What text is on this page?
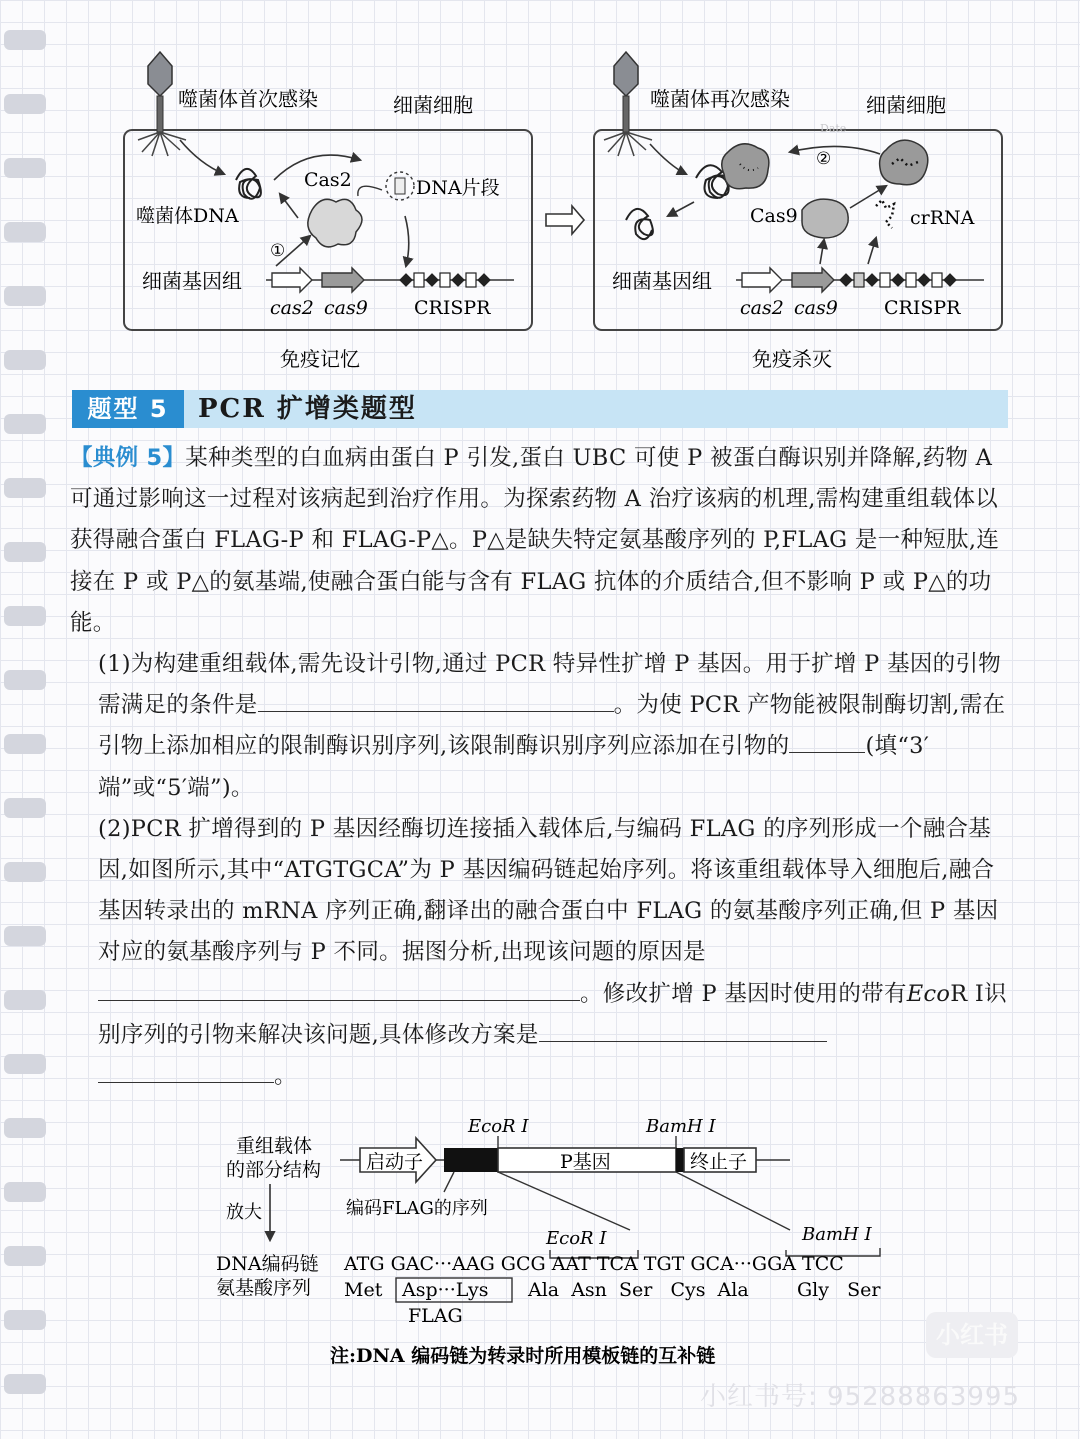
噬菌体首次感染	细菌细胞
噬菌体DNA
Cas2	DNA片段
①
细菌基因组
cas2 cas9 CRISPR
免疫记忆
噬菌体再次感染	细菌细胞
Date
②
Cas9	crRNA
细菌基因组
cas2 cas9 CRISPR
免疫杀灭
题型 5	PCR 扩增类题型

【典例 5】某种类型的白血病由蛋白 P 引发,蛋白 UBC 可使 P 被蛋白酶识别并降解,药物 A 可通过影响这一过程对该病起到治疗作用。为探索药物 A 治疗该病的机理,需构建重组载体以获得融合蛋白 FLAG-P 和 FLAG-P△。P△是缺失特定氨基酸序列的 P,FLAG 是一种短肽,连接在 P 或 P△的氨基端,使融合蛋白能与含有 FLAG 抗体的介质结合,但不影响 P 或 P△的功能。

(1)为构建重组载体,需先设计引物,通过 PCR 特异性扩增 P 基因。用于扩增 P 基因的引物需满足的条件是	。为使 PCR 产物能被限制酶切割,需在引物上添加相应的限制酶识别序列,该限制酶识别序列应添加在引物的	(填“3′端”或“5′端”)。

(2)PCR 扩增得到的 P 基因经酶切连接插入载体后,与编码 FLAG 的序列形成一个融合基因,如图所示,其中“ATGTGCA”为 P 基因编码链起始序列。将该重组载体导入细胞后,融合基因转录出的 mRNA 序列正确,翻译出的融合蛋白中 FLAG 的氨基酸序列正确,但 P 基因对应的氨基酸序列与 P 不同。据图分析,出现该问题的原因是。修改扩增 P 基因时使用的带有EcoR Ⅰ识别序列的引物来解决该问题,具体修改方案是
。

重组载体
的部分结构 启动子	P基因	终止子
EcoR Ⅰ	BamH Ⅰ
编码FLAG的序列
放大
EcoR Ⅰ	BamH Ⅰ
DNA编码链
氨基酸序列
ATG GAC···AAG GCG AAT TCA TGT GCA···GGA TCC
Met Asp···Lys Ala  Asn  Ser   Cys  Ala        Gly   Ser
FLAG
注:DNA 编码链为转录时所用模板链的互补链
小红书
小红书号: 95288863995
